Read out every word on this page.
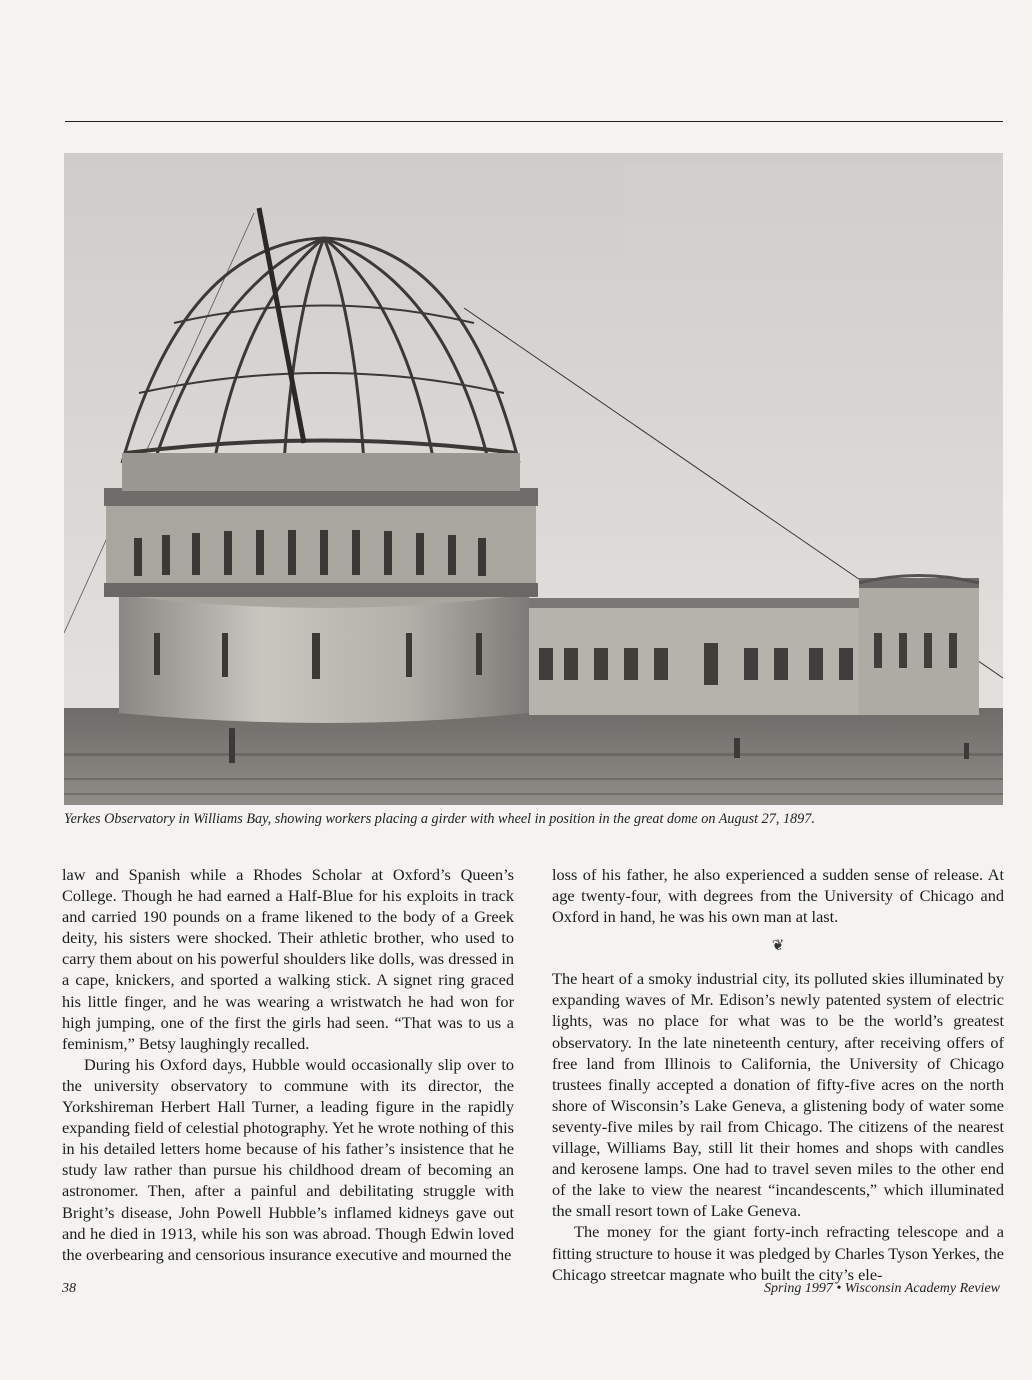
Yerkes Observatory in Williams Bay, showing workers placing a girder with wheel in position in the great dome on August 27, 1897.

law and Spanish while a Rhodes Scholar at Oxford’s Queen’s College. Though he had earned a Half-Blue for his exploits in track and carried 190 pounds on a frame likened to the body of a Greek deity, his sisters were shocked. Their athletic brother, who used to carry them about on his powerful shoulders like dolls, was dressed in a cape, knickers, and sported a walking stick. A signet ring graced his little finger, and he was wearing a wristwatch he had won for high jumping, one of the first the girls had seen. “That was to us a feminism,” Betsy laughingly recalled.

During his Oxford days, Hubble would occasionally slip over to the university observatory to commune with its director, the Yorkshireman Herbert Hall Turner, a leading figure in the rapidly expanding field of celestial photography. Yet he wrote nothing of this in his detailed letters home because of his father’s insistence that he study law rather than pursue his childhood dream of becoming an astronomer. Then, after a painful and debilitating struggle with Bright’s disease, John Powell Hubble’s inflamed kidneys gave out and he died in 1913, while his son was abroad. Though Edwin loved the overbearing and censorious insurance executive and mourned the

loss of his father, he also experienced a sudden sense of release. At age twenty-four, with degrees from the University of Chicago and Oxford in hand, he was his own man at last.

❦

The heart of a smoky industrial city, its polluted skies illuminated by expanding waves of Mr. Edison’s newly patented system of electric lights, was no place for what was to be the world’s greatest observatory. In the late nineteenth century, after receiving offers of free land from Illinois to California, the University of Chicago trustees finally accepted a donation of fifty-five acres on the north shore of Wisconsin’s Lake Geneva, a glistening body of water some seventy-five miles by rail from Chicago. The citizens of the nearest village, Williams Bay, still lit their homes and shops with candles and kerosene lamps. One had to travel seven miles to the other end of the lake to view the nearest “incandescents,” which illuminated the small resort town of Lake Geneva.

The money for the giant forty-inch refracting telescope and a fitting structure to house it was pledged by Charles Tyson Yerkes, the Chicago streetcar magnate who built the city’s ele-

38	Spring 1997 • Wisconsin Academy Review
